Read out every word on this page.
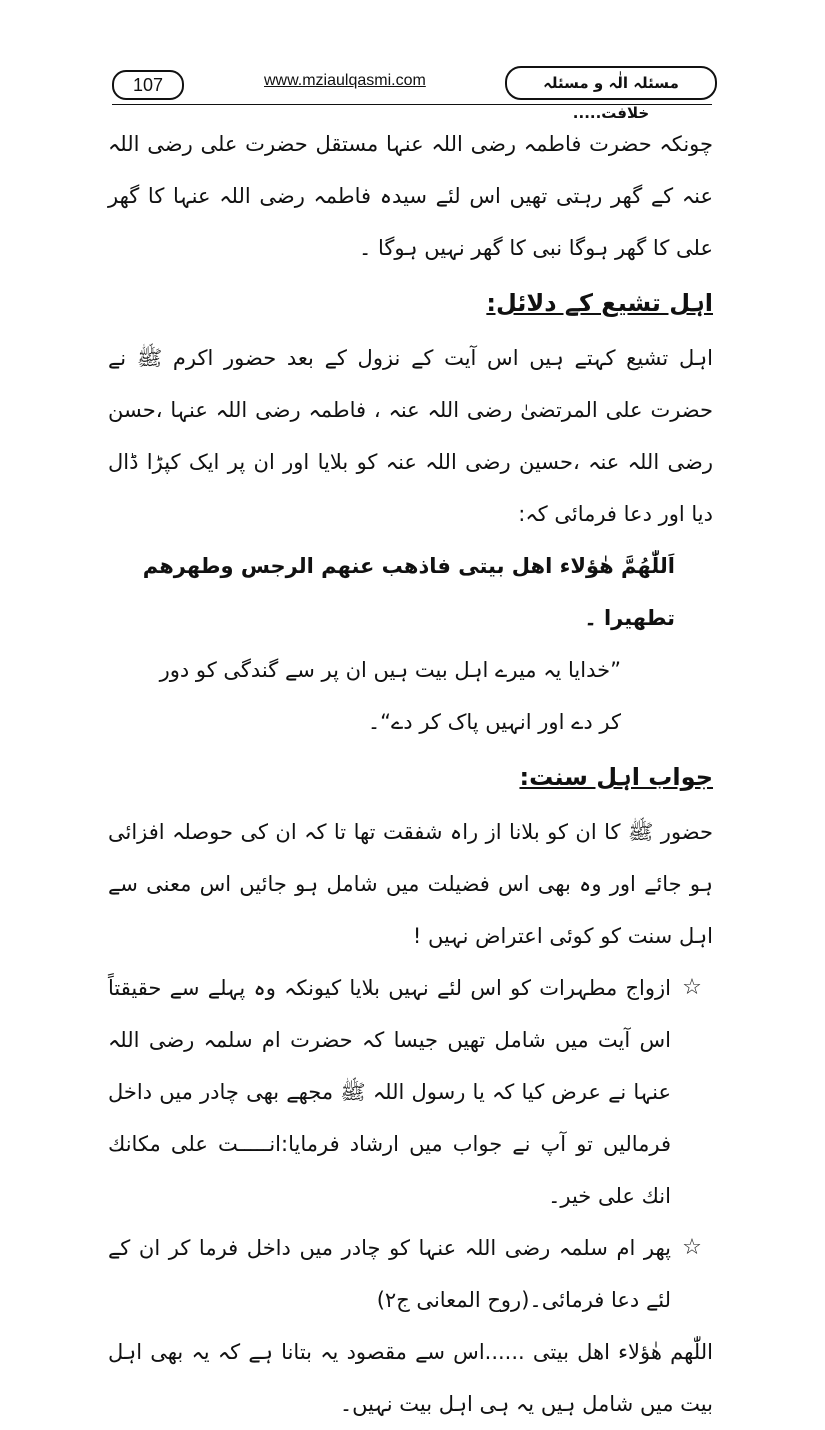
107	www.mziaulqasmi.com	مسئلہ الٰہ و مسئلہ خلافت.....

چونکہ حضرت فاطمہ رضی اللہ عنہا مستقل حضرت علی رضی اللہ عنہ کے گھر رہتی تھیں اس لئے سیدہ فاطمہ رضی اللہ عنہا کا گھر علی کا گھر ہوگا نبی کا گھر نہیں ہوگا ۔

اہل تشیع کے دلائل:

اہل تشیع کہتے ہیں اس آیت کے نزول کے بعد حضور اکرم ﷺ نے حضرت علی المرتضیٰ رضی اللہ عنہ ، فاطمہ رضی اللہ عنہا ،حسن رضی اللہ عنہ ،حسین رضی اللہ عنہ کو بلایا اور ان پر ایک کپڑا ڈال دیا اور دعا فرمائی کہ:

اَللّٰھُمَّ ھٰؤلاء اھل بیتی فاذھب عنھم الرجس وطھرھم تطھیرا ۔

”خدایا یہ میرے اہل بیت ہیں ان پر سے گندگی کو دور کر دے اور انہیں پاک کر دے“۔

جواب اہل سنت:

حضور ﷺ کا ان کو بلانا از راہ شفقت تھا تا کہ ان کی حوصلہ افزائی ہو جائے اور وہ بھی اس فضیلت میں شامل ہو جائیں اس معنی سے اہل سنت کو کوئی اعتراض نہیں !

☆

ازواج مطہرات کو اس لئے نہیں بلایا کیونکہ وہ پہلے سے حقیقتاً اس آیت میں شامل تھیں جیسا کہ حضرت ام سلمہ رضی اللہ عنہا نے عرض کیا کہ یا رسول اللہ ﷺ مجھے بھی چادر میں داخل فرمالیں تو آپ نے جواب میں ارشاد فرمایا:انـــــت علی مکانك انك علی خیر۔

☆

پھر ام سلمہ رضی اللہ عنہا کو چادر میں داخل فرما کر ان کے لئے دعا فرمائی۔(روح المعانی ج۲)

اللّٰھم ھٰؤلاء اھل بیتی ......اس سے مقصود یہ بتانا ہے کہ یہ بھی اہل بیت میں شامل ہیں یہ ہی اہل بیت نہیں۔
